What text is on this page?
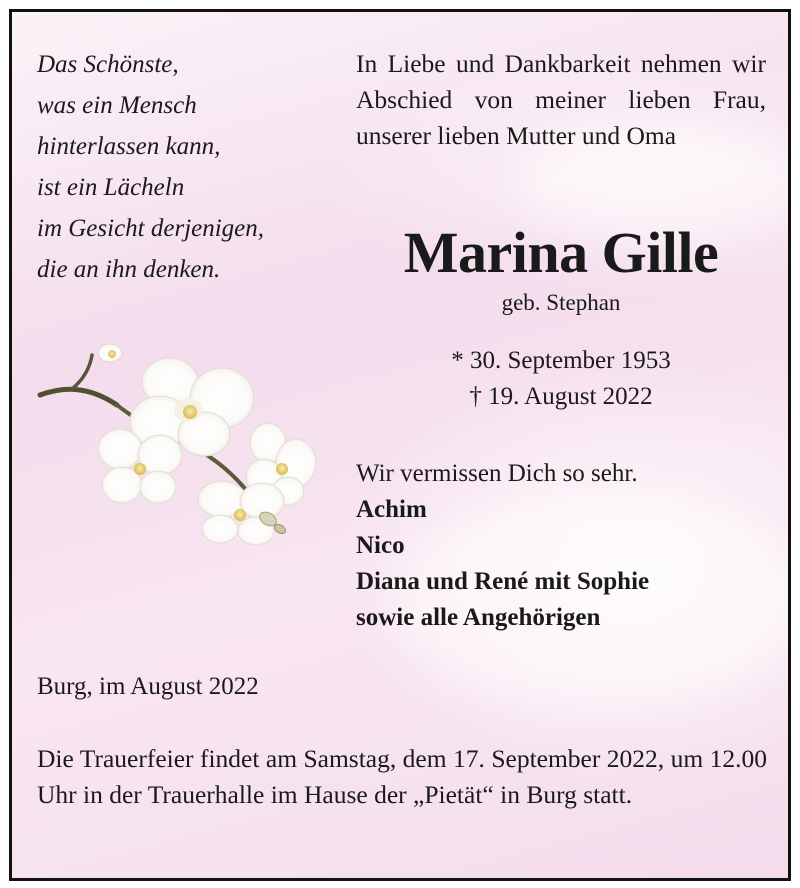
Das Schönste,
was ein Mensch
hinterlassen kann,
ist ein Lächeln
im Gesicht derjenigen,
die an ihn denken.
In Liebe und Dankbarkeit nehmen wir Abschied von meiner lieben Frau, unserer lieben Mutter und Oma
Marina Gille
geb. Stephan
* 30. September 1953
† 19. August 2022
Wir vermissen Dich so sehr.
Achim
Nico
Diana und René mit Sophie
sowie alle Angehörigen
Burg, im August 2022
Die Trauerfeier findet am Samstag, dem 17. September 2022, um 12.00 Uhr in der Trauerhalle im Hause der „Pietät“ in Burg statt.
